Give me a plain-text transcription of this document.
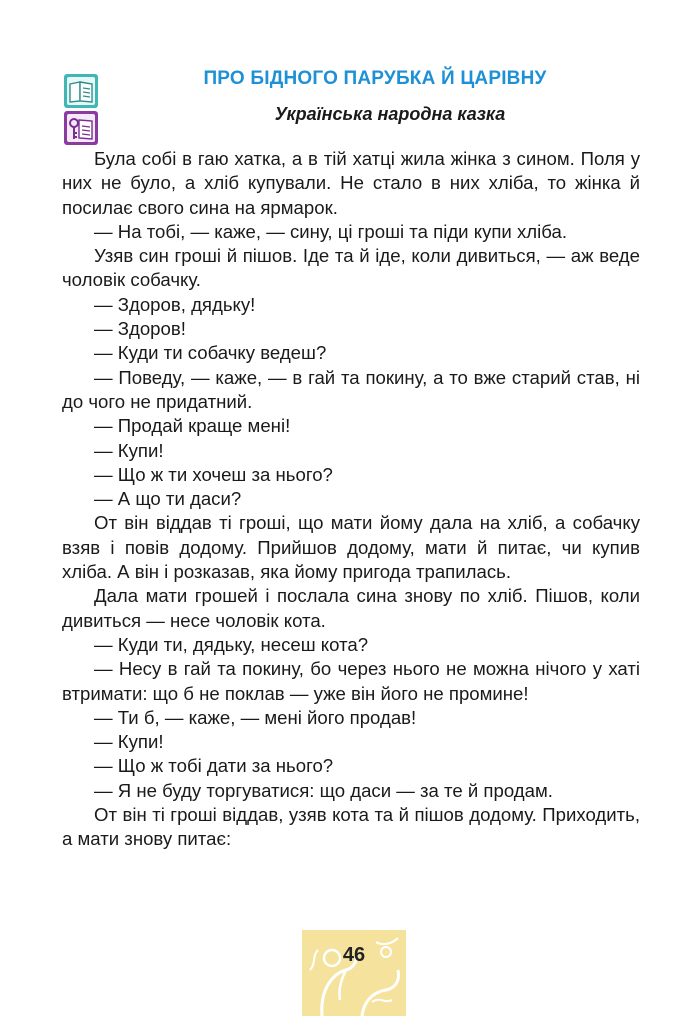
ПРО БІДНОГО ПАРУБКА Й ЦАРІВНУ
Українська народна казка

Була собі в гаю хатка, а в тій хатці жила жінка з сином. Поля у них не було, а хліб купували. Не стало в них хліба, то жінка й посилає свого сина на ярмарок.

— На тобі, — каже, — сину, ці гроші та піди купи хліба.

Узяв син гроші й пішов. Іде та й іде, коли дивиться, — аж веде чоловік собачку.

— Здоров, дядьку!

— Здоров!

— Куди ти собачку ведеш?

— Поведу, — каже, — в гай та покину, а то вже старий став, ні до чого не придатний.

— Продай краще мені!

— Купи!

— Що ж ти хочеш за нього?

— А що ти даси?

От він віддав ті гроші, що мати йому дала на хліб, а собачку взяв і повів додому. Прийшов додому, мати й питає, чи купив хліба. А він і розказав, яка йому пригода трапилась.

Дала мати грошей і послала сина знову по хліб. Пішов, коли дивиться — несе чоловік кота.

— Куди ти, дядьку, несеш кота?

— Несу в гай та покину, бо через нього не можна нічого у хаті втримати: що б не поклав — уже він його не промине!

— Ти б, — каже, — мені його продав!

— Купи!

— Що ж тобі дати за нього?

— Я не буду торгуватися: що даси — за те й продам.

От він ті гроші віддав, узяв кота та й пішов додому. Приходить, а мати знову питає:

46
